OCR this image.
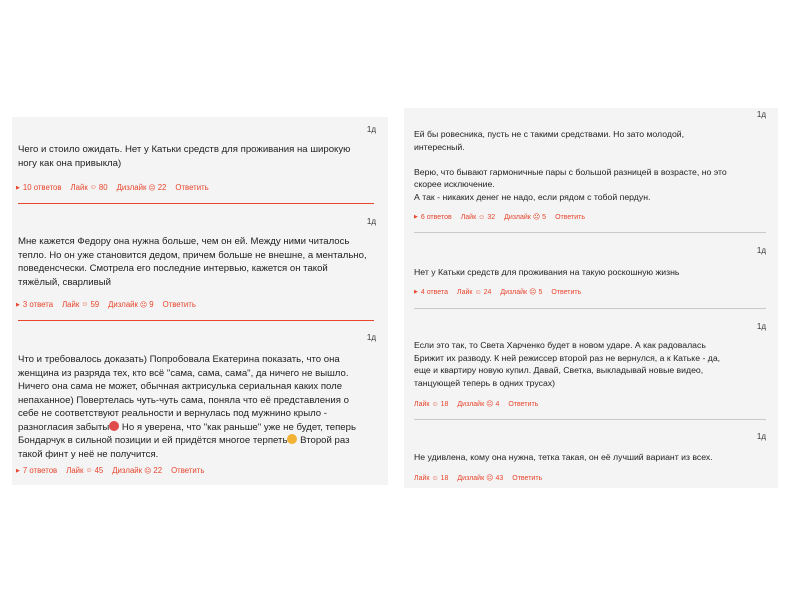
1д
Чего и стоило ожидать. Нет у Катьки средств для проживания на широкую
ногу как она привыкла)
▶ 10 ответов Лайк ☺ 80 Дизлайк ☹ 22 Ответить
1д
Мне кажется Федору она нужна больше, чем он ей. Между ними читалось
тепло. Но он уже становится дедом, причем больше не внешне, а ментально,
поведенсчески. Смотрела его последние интервью, кажется он такой
тяжёлый, сварливый
▶ 3 ответа Лайк ☺ 59 Дизлайк ☹ 9 Ответить
1д
Что и требовалось доказать) Попробовала Екатерина показать, что она
женщина из разряда тех, кто всё "сама, сама, сама", да ничего не вышло.
Ничего она сама не может, обычная актрисулька сериальная каких поле
непаханное) Повертелась чуть-чуть сама, поняла что её представления о
себе не соответствуют реальности и вернулась под мужнино крыло -
разногласия забыты Но я уверена, что "как раньше" уже не будет, теперь
Бондарчук в сильной позиции и ей придётся многое терпеть Второй раз
такой финт у неё не получится.
▶ 7 ответов Лайк ☺ 45 Дизлайк ☹ 22 Ответить
1д
Ей бы ровесника, пусть не с такими средствами. Но зато молодой,
интересный.

Верю, что бывают гармоничные пары с большой разницей в возрасте, но это
скорее исключение.
А так - никаких денег не надо, если рядом с тобой пердун.
▶ 6 ответов Лайк ☺ 32 Дизлайк ☹ 5 Ответить
1д
Нет у Катьки средств для проживания на такую роскошную жизнь
▶ 4 ответа Лайк ☺ 24 Дизлайк ☹ 5 Ответить
1д
Если это так, то Света Харченко будет в новом ударе. А как радовалась
Брижит их разводу. К ней режиссер второй раз не вернулся, а к Катьке - да,
еще и квартиру новую купил. Давай, Светка, выкладывай новые видео,
танцующей теперь в одних трусах)
Лайк ☺ 18 Дизлайк ☹ 4 Ответить
1д
Не удивлена, кому она нужна, тетка такая, он её лучший вариант из всех.
Лайк ☺ 18 Дизлайк ☹ 43 Ответить
